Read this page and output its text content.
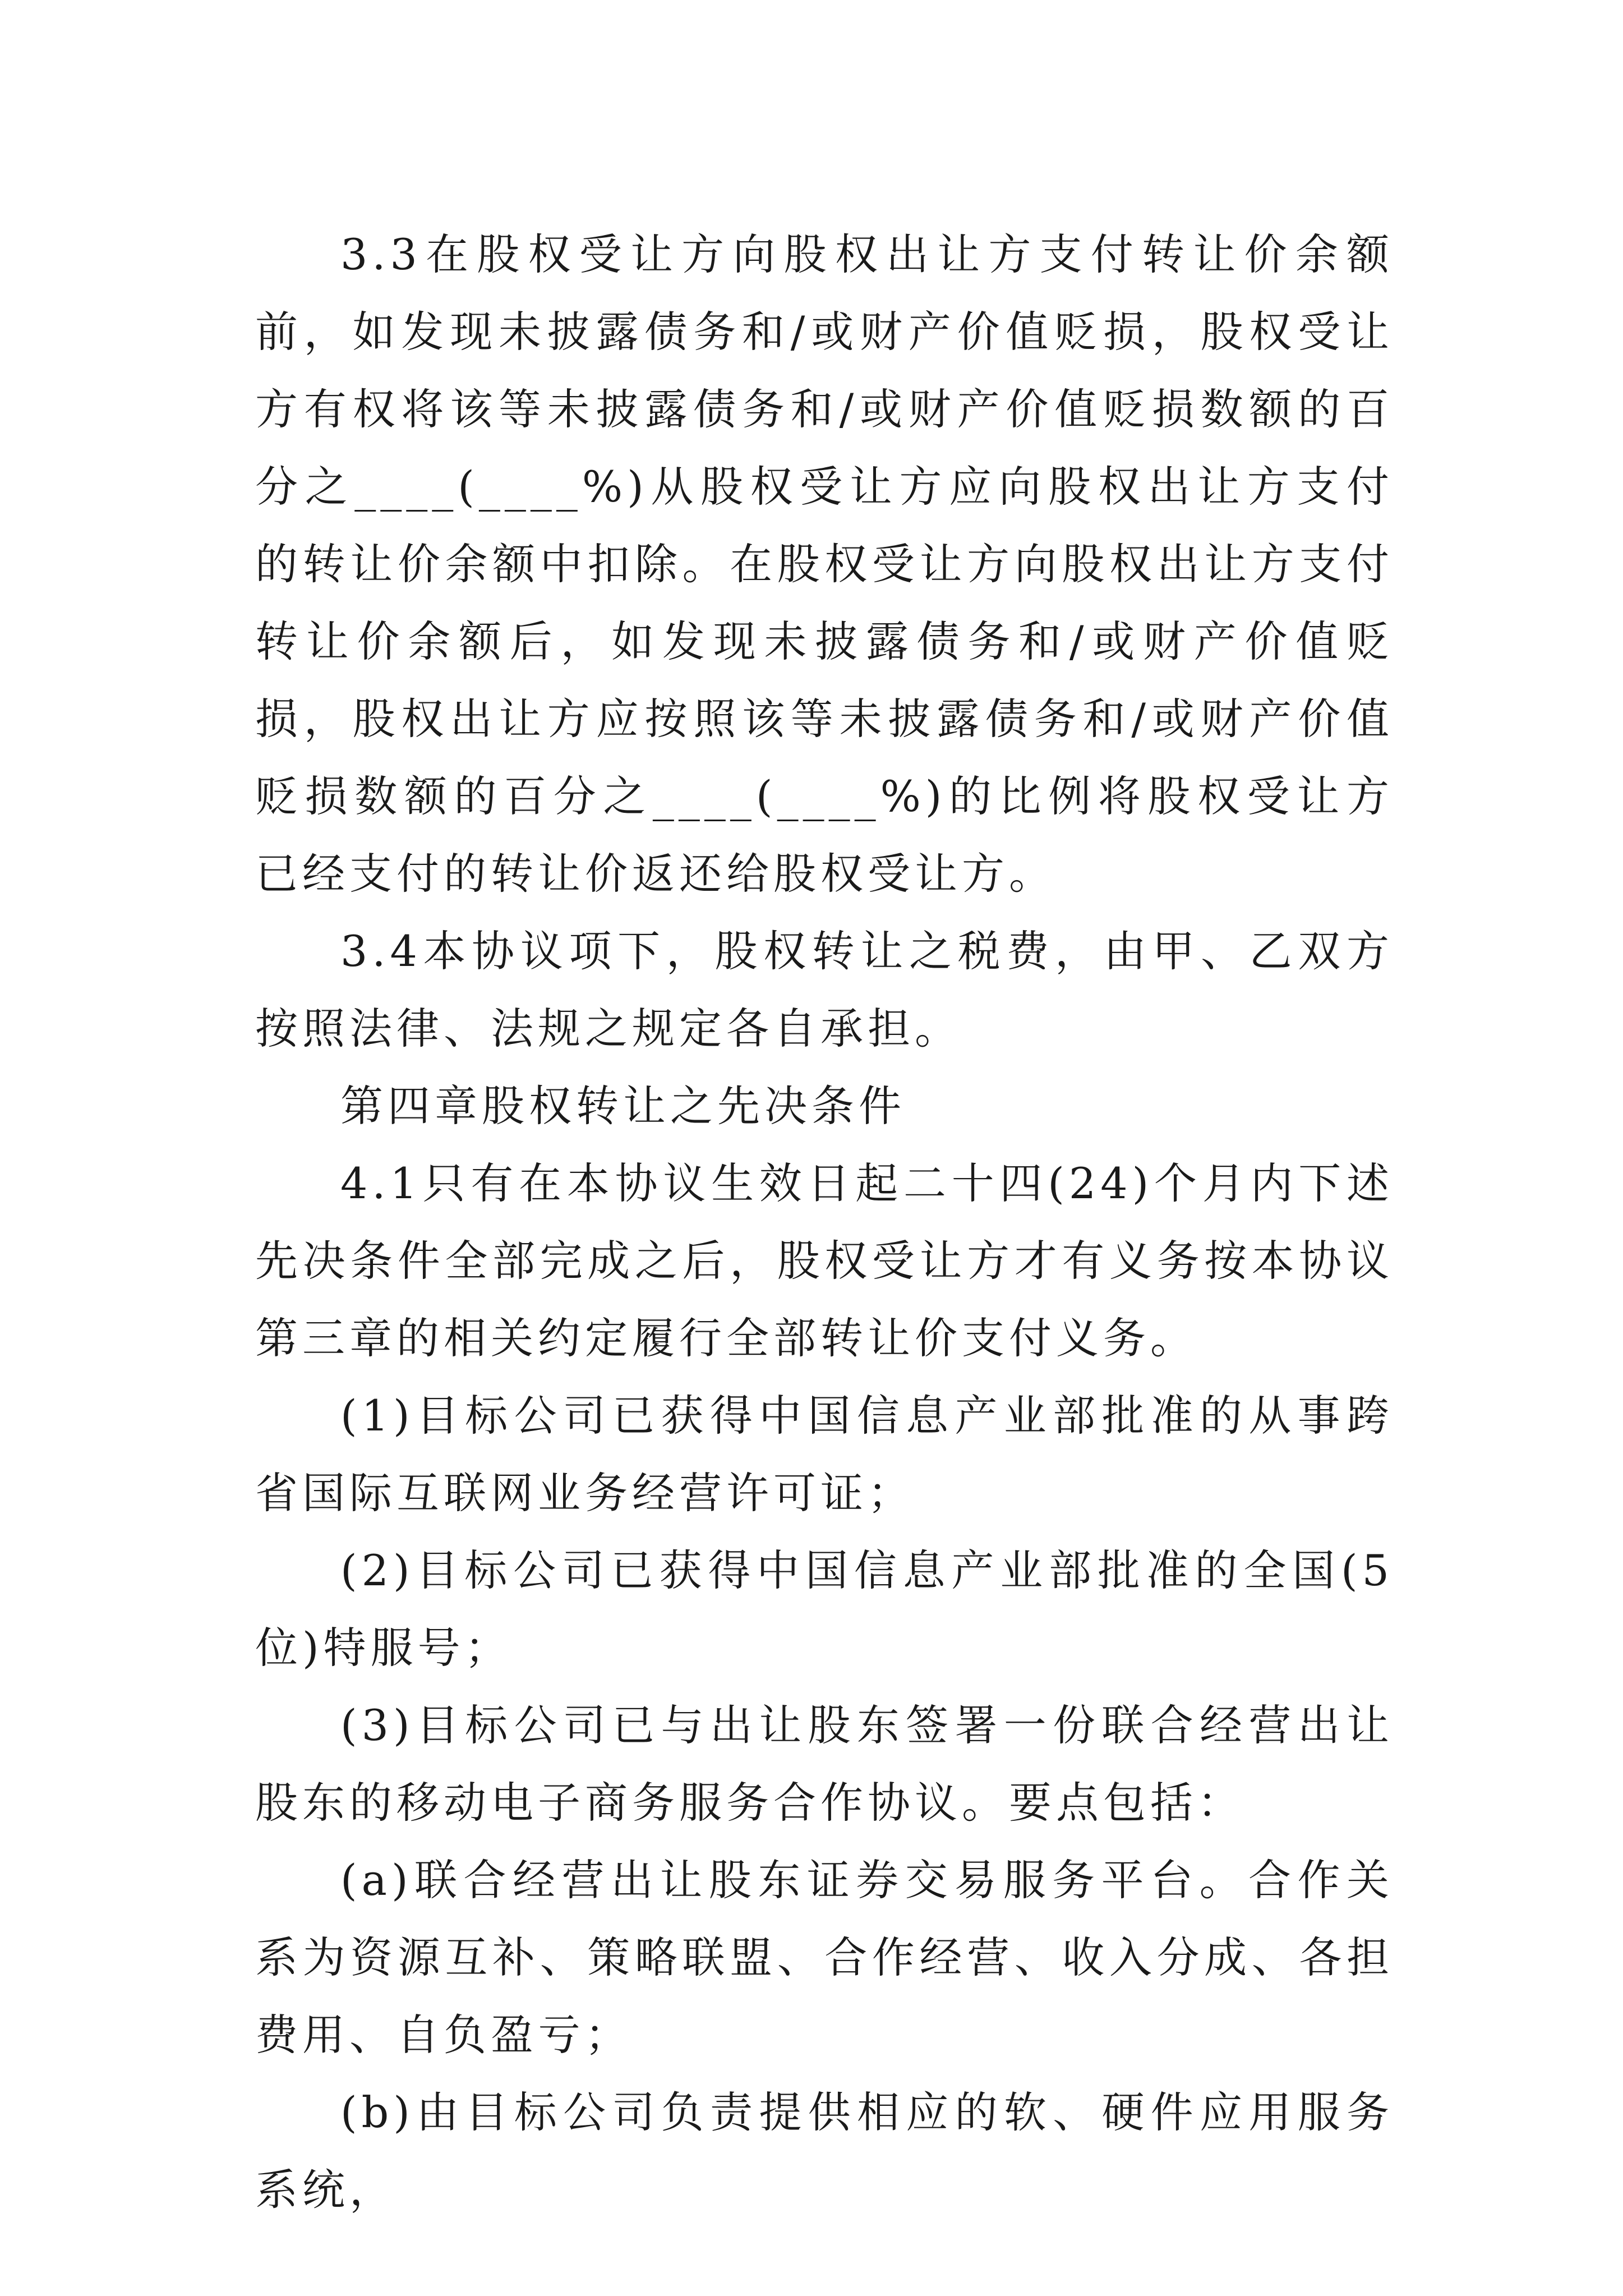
3.3在股权受让方向股权出让方支付转让价余额前，如发现未披露债务和/或财产价值贬损，股权受让方有权将该等未披露债务和/或财产价值贬损数额的百分之____(____%)从股权受让方应向股权出让方支付的转让价余额中扣除。在股权受让方向股权出让方支付转让价余额后，如发现未披露债务和/或财产价值贬损，股权出让方应按照该等未披露债务和/或财产价值贬损数额的百分之____(____%)的比例将股权受让方已经支付的转让价返还给股权受让方。

3.4本协议项下，股权转让之税费，由甲、乙双方按照法律、法规之规定各自承担。

第四章股权转让之先决条件

4.1只有在本协议生效日起二十四(24)个月内下述先决条件全部完成之后，股权受让方才有义务按本协议第三章的相关约定履行全部转让价支付义务。

(1)目标公司已获得中国信息产业部批准的从事跨省国际互联网业务经营许可证；

(2)目标公司已获得中国信息产业部批准的全国(5位)特服号；

(3)目标公司已与出让股东签署一份联合经营出让股东的移动电子商务服务合作协议。要点包括：

(a)联合经营出让股东证券交易服务平台。合作关系为资源互补、策略联盟、合作经营、收入分成、各担费用、自负盈亏；

(b)由目标公司负责提供相应的软、硬件应用服务系统，
